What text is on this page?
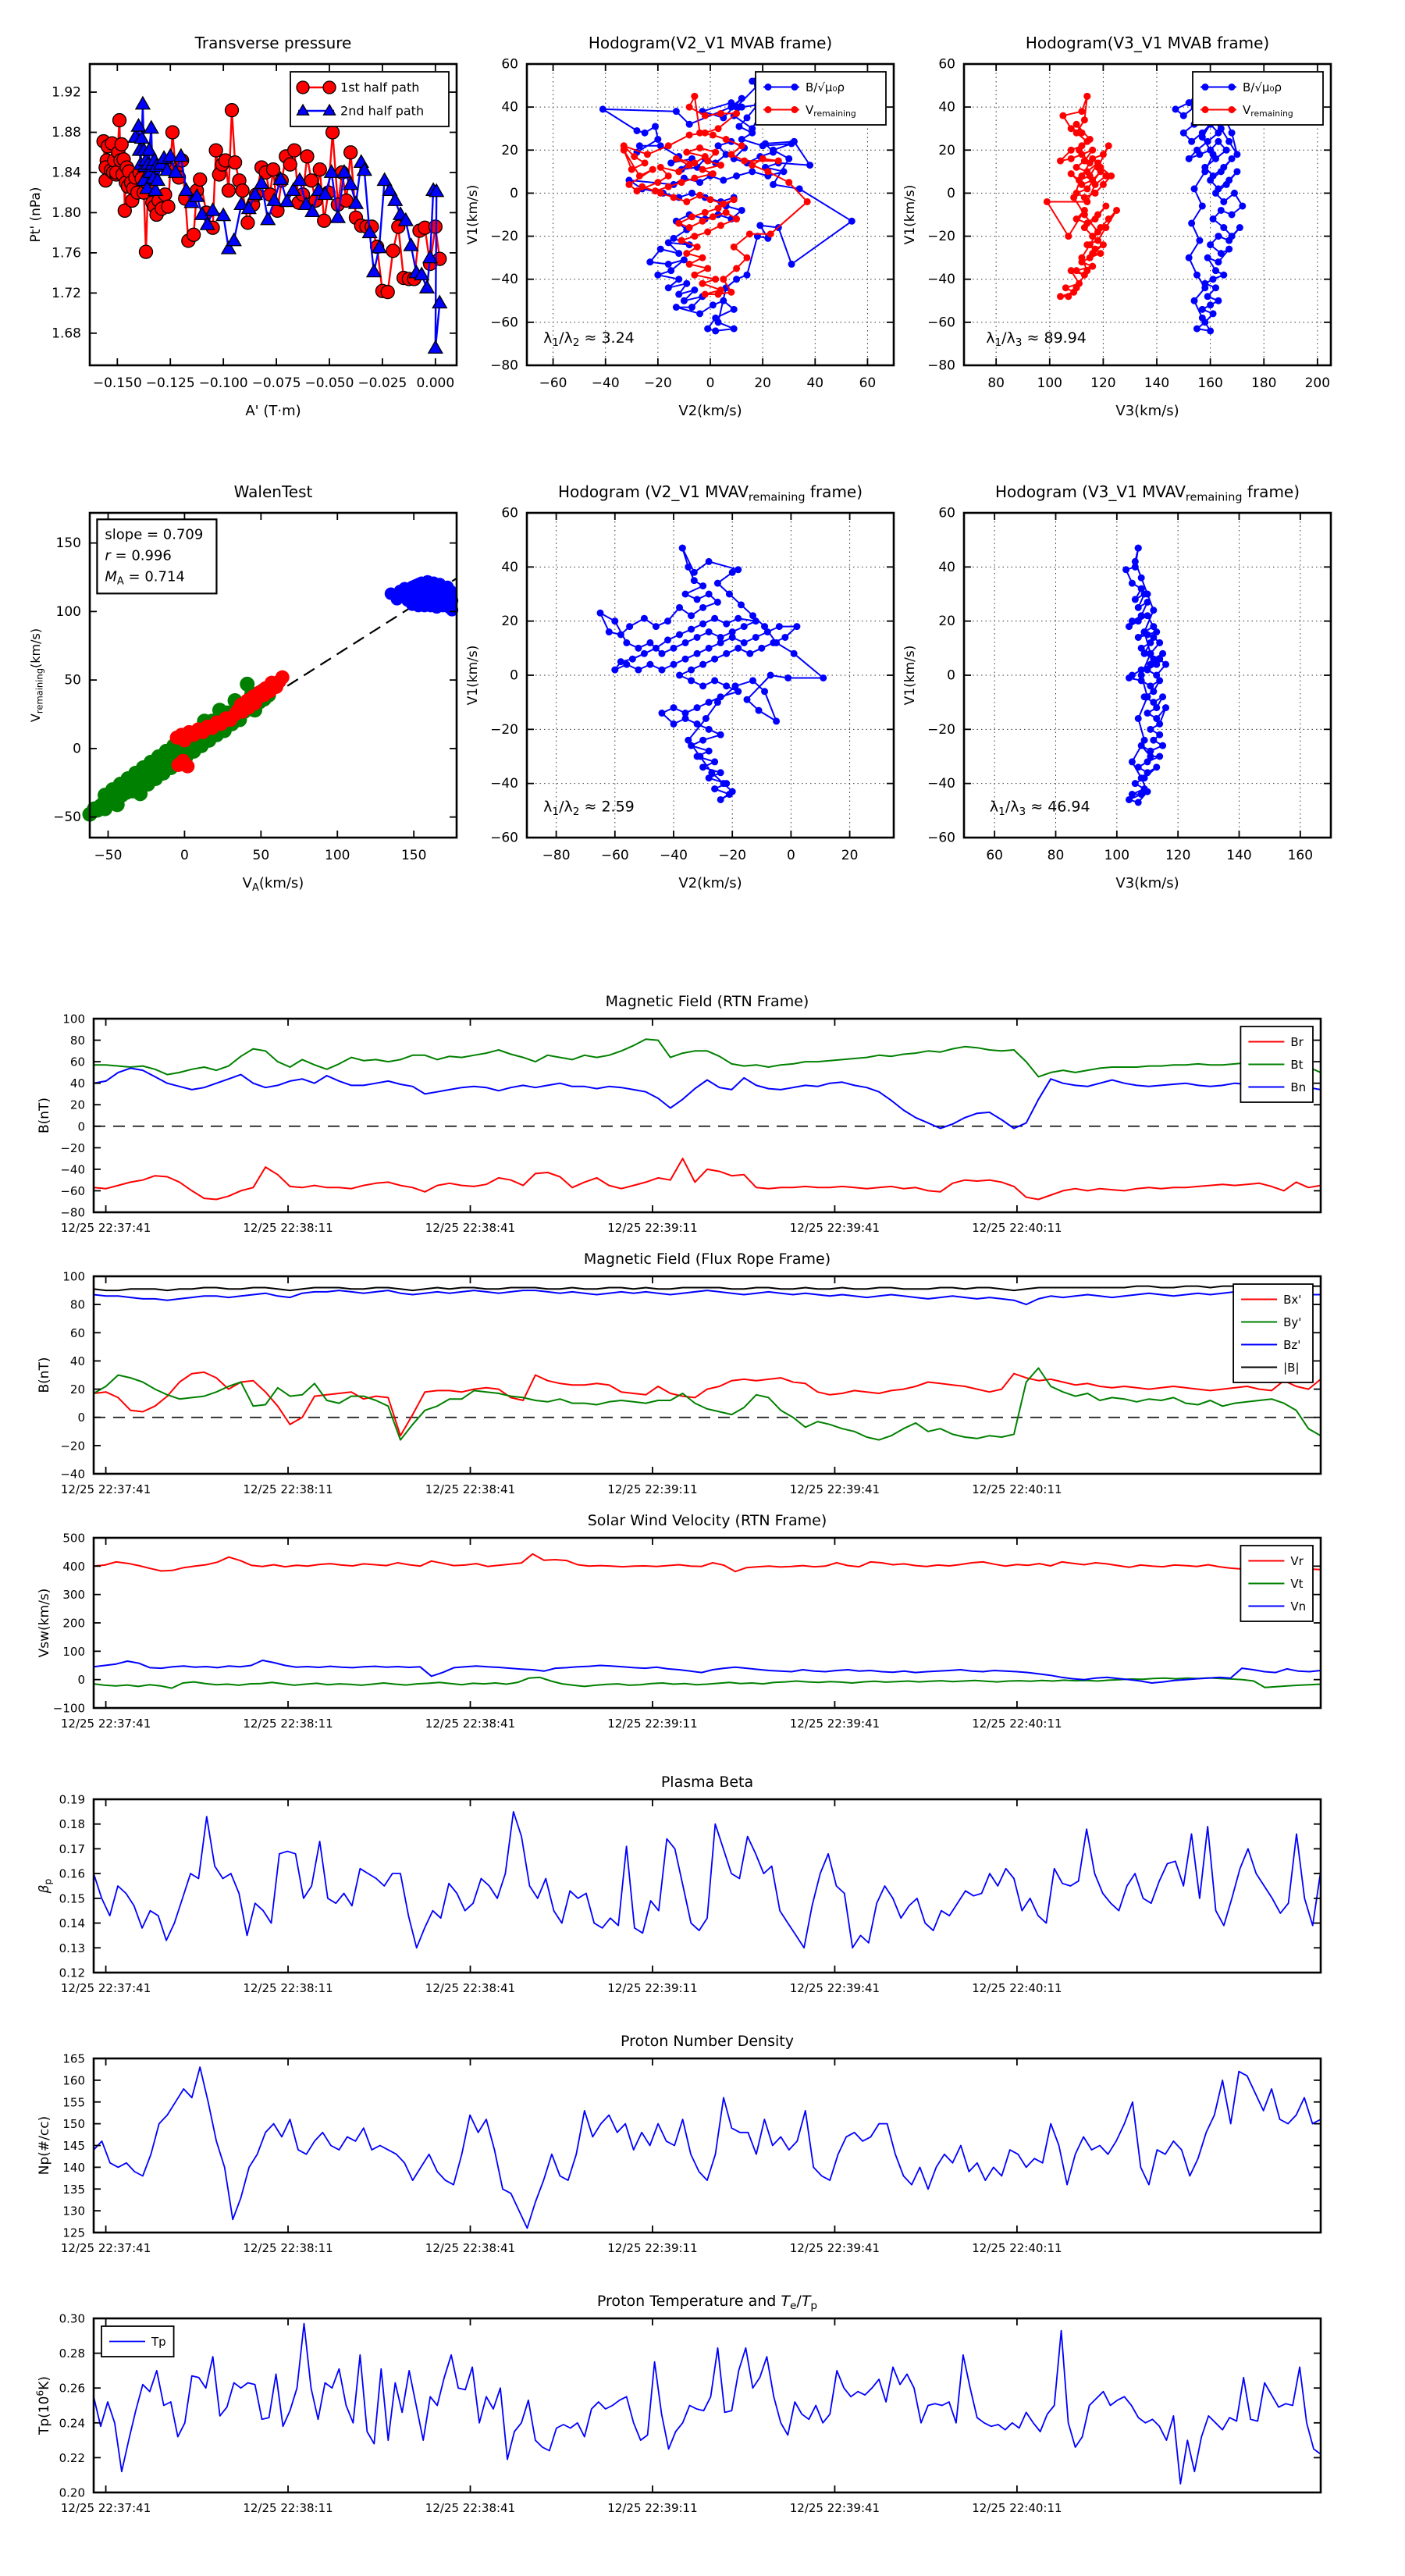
−0.150 −0.125 −0.100 −0.075 −0.050 −0.025 0.000
1.68
1.72
1.76
1.80
1.84
1.88
1.92
Transverse pressure
A' (T·m)
Pt' (nPa)
1st half path
2nd half path
−60 −40 −20	0	20	40	60
−80
−60
−40
−20
0
20
40
60
Hodogram(V2_V1 MVAB frame)
V2(km/s)
V1(km/s)
$\lambda_1/\lambda_2 \approx 3.24$
B/√μ₀ρ
$V_{remaining}$
80 100 120 140 160 180 200
−80
−60
−40
−20
0
20
40
60
Hodogram(V3_V1 MVAB frame)
V3(km/s)
V1(km/s)
$\lambda_1/\lambda_3 \approx 89.94$
B/√μ₀ρ
$V_{remaining}$
−50	0	50	100	150
−50
0
50
100
150
WalenTest
$V_A(km/s)$
$V_{remaining}(km/s)$
slope = 0.709
r = 0.996
$M_A = 0.714$
−80 −60 −40 −20	0	20
−60
−40
−20
0
20
40
60
Hodogram (V2_V1 $MVAV_{remaining}$ frame)
V2(km/s)
V1(km/s)
$\lambda_1/\lambda_2 \approx 2.59$
60	80	100	120	140	160
−60
−40
−20
0
20
40
60
Hodogram (V3_V1 $MVAV_{remaining}$ frame)
V3(km/s)
V1(km/s)
$\lambda_1/\lambda_3 \approx 46.94$
12/25 22:37:41	12/25 22:38:11	12/25 22:38:41	12/25 22:39:11	12/25 22:39:41	12/25 22:40:11
−80
−60
−40
−20
0
20
40
60
80
100
Magnetic Field (RTN Frame)
B(nT)
Br
Bt
Bn
12/25 22:37:41	12/25 22:38:11	12/25 22:38:41	12/25 22:39:11	12/25 22:39:41	12/25 22:40:11
−40
−20
0
20
40
60
80
100
Magnetic Field (Flux Rope Frame)
B(nT)
Bx'
By'
Bz'
|B|
12/25 22:37:41	12/25 22:38:11	12/25 22:38:41	12/25 22:39:11	12/25 22:39:41	12/25 22:40:11
−100
0
100
200
300
400
500
Solar Wind Velocity (RTN Frame)
Vsw(km/s)
Vr
Vt
Vn
12/25 22:37:41	12/25 22:38:11	12/25 22:38:41	12/25 22:39:11	12/25 22:39:41	12/25 22:40:11
0.12
0.13
0.14
0.15
0.16
0.17
0.18
0.19
Plasma Beta
$\beta_p$
12/25 22:37:41	12/25 22:38:11	12/25 22:38:41	12/25 22:39:11	12/25 22:39:41	12/25 22:40:11
125
130
135
140
145
150
155
160
165
Proton Number Density
Np(#/cc)
12/25 22:37:41	12/25 22:38:11	12/25 22:38:41	12/25 22:39:11	12/25 22:39:41	12/25 22:40:11
0.20
0.22
0.24
0.26
0.28
0.30
Proton Temperature and $T_e/T_p$
$Tp(10^6K)$
Tp
